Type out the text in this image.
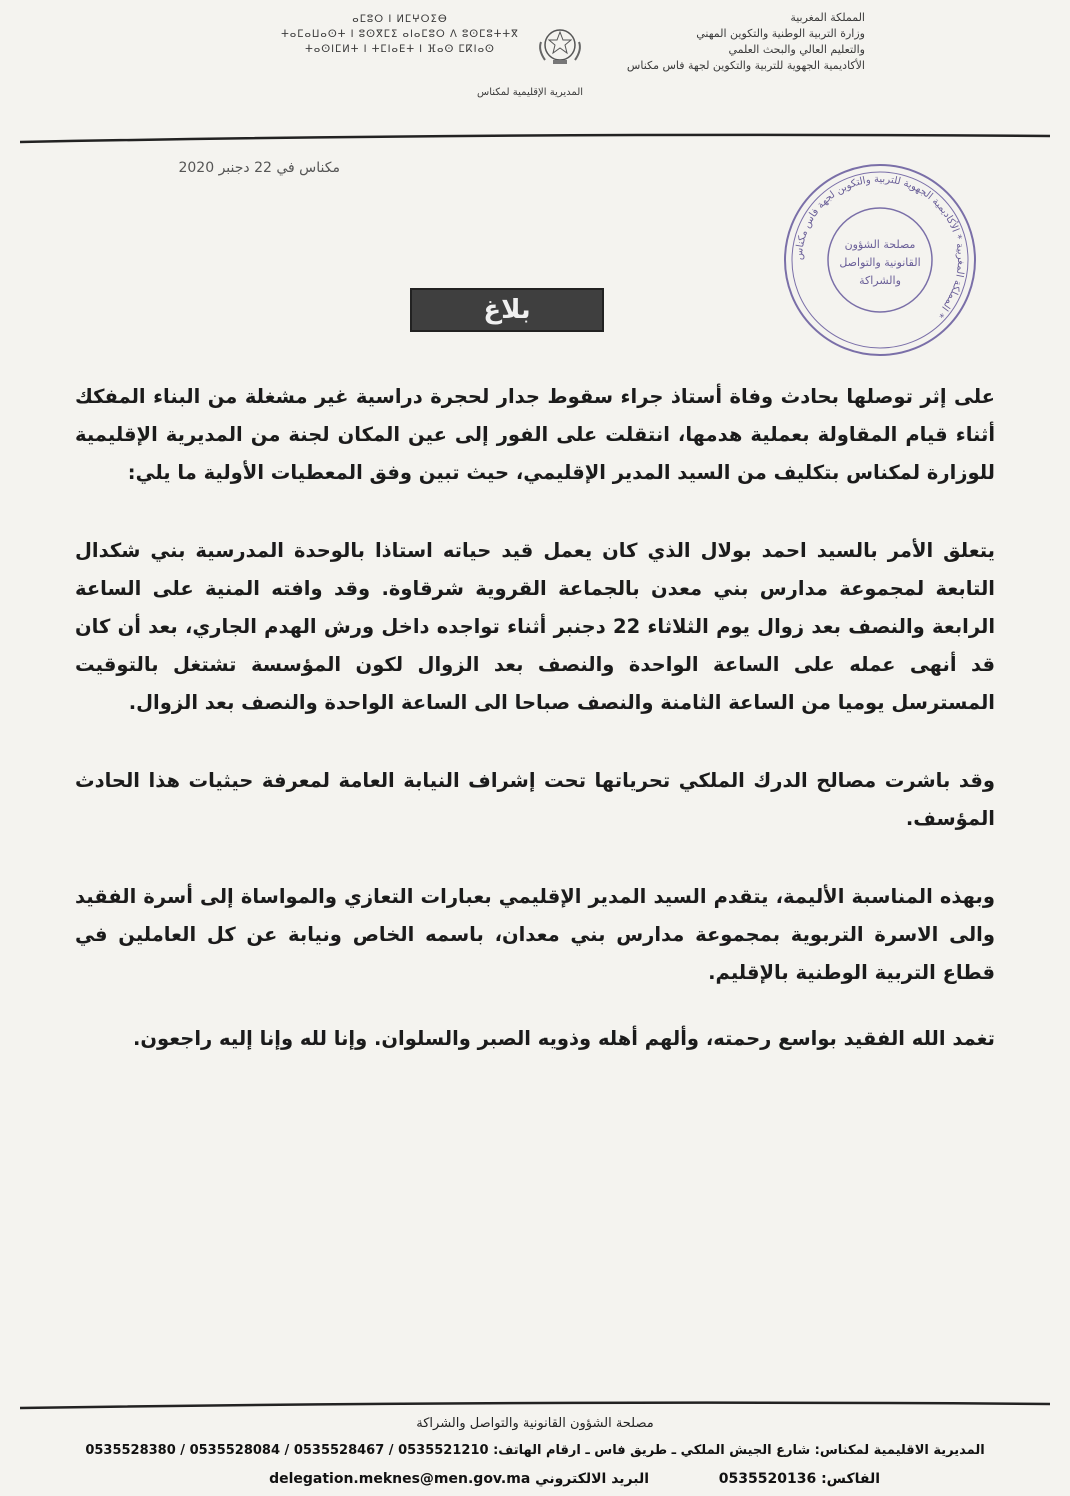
المملكة المغربية
وزارة التربية الوطنية والتكوين المهني
والتعليم العالي والبحث العلمي
الأكاديمية الجهوية للتربية والتكوين لجهة فاس مكناس
ⴰⵎⵓⵔ ⵏ ⵍⵎⵖⵔⵉⴱ
ⵜⴰⵎⴰⵡⴰⵙⵜ ⵏ ⵓⵙⴳⵎⵉ ⴰⵏⴰⵎⵓⵔ ⴷ ⵓⵙⵎⵓⵜⵜⴳ
ⵜⴰⵙⵏⵎⵍⵜ ⵏ ⵜⵎⵏⴰⴹⵜ ⵏ ⴼⴰⵙ ⵎⴽⵏⴰⵙ
المديرية الإقليمية لمكناس
مكناس في 22 دجنبر 2020
المملكة المغربية * الأكاديمية الجهوية للتربية والتكوين لجهة فاس مكناس *
مصلحة الشؤون
القانونية والتواصل
والشراكة
بلاغ

على إثر توصلها بحادث وفاة أستاذ جراء سقوط جدار لحجرة دراسية غير مشغلة من البناء المفكك أثناء قيام المقاولة بعملية هدمها، انتقلت على الفور إلى عين المكان لجنة من المديرية الإقليمية للوزارة لمكناس بتكليف من السيد المدير الإقليمي، حيث تبين وفق المعطيات الأولية ما يلي:

يتعلق الأمر بالسيد احمد بولال الذي كان يعمل قيد حياته استاذا بالوحدة المدرسية بني شكدال التابعة لمجموعة مدارس بني معدن بالجماعة القروية شرقاوة. وقد وافته المنية على الساعة الرابعة والنصف بعد زوال يوم الثلاثاء 22 دجنبر أثناء تواجده داخل ورش الهدم الجاري، بعد أن كان قد أنهى عمله على الساعة الواحدة والنصف بعد الزوال لكون المؤسسة تشتغل بالتوقيت المسترسل يوميا من الساعة الثامنة والنصف صباحا الى الساعة الواحدة والنصف بعد الزوال.

وقد باشرت مصالح الدرك الملكي تحرياتها تحت إشراف النيابة العامة لمعرفة حيثيات هذا الحادث المؤسف.

وبهذه المناسبة الأليمة، يتقدم السيد المدير الإقليمي بعبارات التعازي والمواساة إلى أسرة الفقيد والى الاسرة التربوية بمجموعة مدارس بني معدان، باسمه الخاص ونيابة عن كل العاملين في قطاع التربية الوطنية بالإقليم.

تغمد الله الفقيد بواسع رحمته، وألهم أهله وذويه الصبر والسلوان. وإنا لله وإنا إليه راجعون.

مصلحة الشؤون القانونية والتواصل والشراكة
المديرية الاقليمية لمكناس: شارع الجيش الملكي ـ طريق فاس ـ ارقام الهاتف: 0535528380 / 0535528084 / 0535528467 / 0535521210
الفاكس: 0535520136  البريد الالكتروني delegation.meknes@men.gov.ma
